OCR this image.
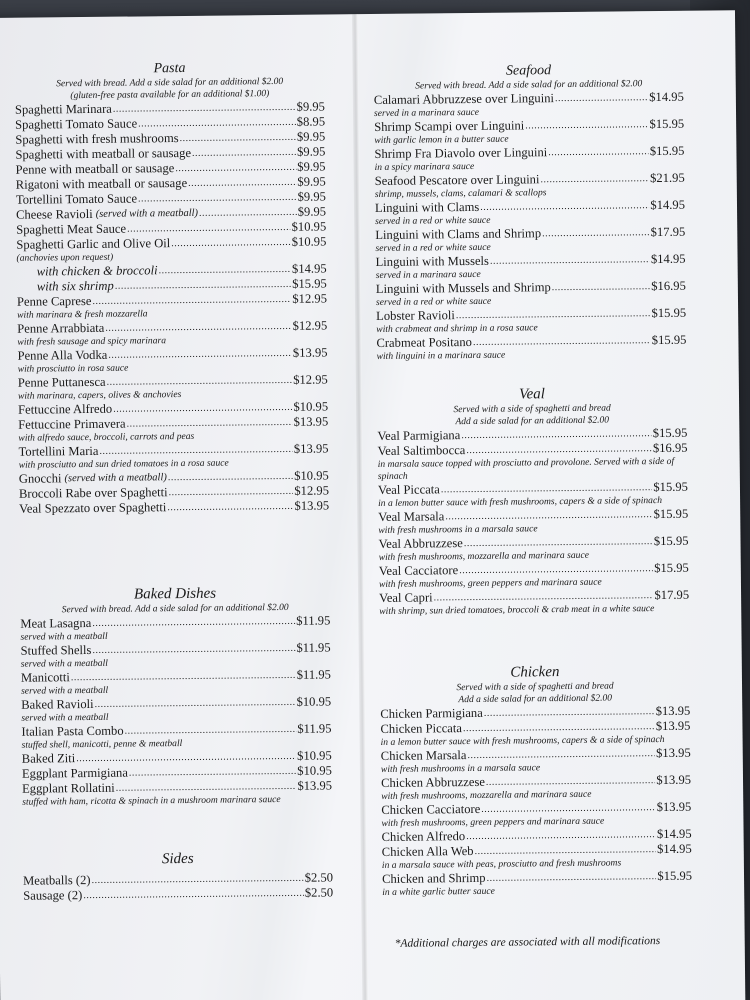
Pasta
Served with bread. Add a side salad for an additional $2.00
(gluten-free pasta available for an additional $1.00)
Spaghetti Marinara .....	$9.95
Spaghetti Tomato Sauce .....	$8.95
Spaghetti with fresh mushrooms .....	$9.95
Spaghetti with meatball or sausage .....	$9.95
Penne with meatball or sausage .....	$9.95
Rigatoni with meatball or sausage .....	$9.95
Tortellini Tomato Sauce .....	$9.95
Cheese Ravioli (served with a meatball) .....	$9.95
Spaghetti Meat Sauce .....	$10.95
Spaghetti Garlic and Olive Oil .....	$10.95
(anchovies upon request)
with chicken & broccoli .....	$14.95
with six shrimp .....	$15.95
Penne Caprese .....	$12.95
with marinara & fresh mozzarella
Penne Arrabbiata .....	$12.95
with fresh sausage and spicy marinara
Penne Alla Vodka .....	$13.95
with prosciutto in rosa sauce
Penne Puttanesca .....	$12.95
with marinara, capers, olives & anchovies
Fettuccine Alfredo .....	$10.95
Fettuccine Primavera .....	$13.95
with alfredo sauce, broccoli, carrots and peas
Tortellini Maria .....	$13.95
with prosciutto and sun dried tomatoes in a rosa sauce
Gnocchi (served with a meatball) .....	$10.95
Broccoli Rabe over Spaghetti .....	$12.95
Veal Spezzato over Spaghetti .....	$13.95
Baked Dishes
Served with bread. Add a side salad for an additional $2.00
Meat Lasagna .....	$11.95
served with a meatball
Stuffed Shells .....	$11.95
served with a meatball
Manicotti .....	$11.95
served with a meatball
Baked Ravioli .....	$10.95
served with a meatball
Italian Pasta Combo .....	$11.95
stuffed shell, manicotti, penne & meatball
Baked Ziti .....	$10.95
Eggplant Parmigiana .....	$10.95
Eggplant Rollatini .....	$13.95
stuffed with ham, ricotta & spinach in a mushroom marinara sauce
Sides
Meatballs (2) .....	$2.50
Sausage (2) .....	$2.50
Seafood
Served with bread. Add a side salad for an additional $2.00
Calamari Abbruzzese over Linguini .....	$14.95
served in a marinara sauce
Shrimp Scampi over Linguini .....	$15.95
with garlic lemon in a butter sauce
Shrimp Fra Diavolo over Linguini .....	$15.95
in a spicy marinara sauce
Seafood Pescatore over Linguini .....	$21.95
shrimp, mussels, clams, calamari & scallops
Linguini with Clams .....	$14.95
served in a red or white sauce
Linguini with Clams and Shrimp .....	$17.95
served in a red or white sauce
Linguini with Mussels .....	$14.95
served in a marinara sauce
Linguini with Mussels and Shrimp .....	$16.95
served in a red or white sauce
Lobster Ravioli .....	$15.95
with crabmeat and shrimp in a rosa sauce
Crabmeat Positano .....	$15.95
with linguini in a marinara sauce
Veal
Served with a side of spaghetti and bread
Add a side salad for an additional $2.00
Veal Parmigiana .....	$15.95
Veal Saltimbocca .....	$16.95
in marsala sauce topped with prosciutto and provolone. Served with a side of spinach
Veal Piccata .....	$15.95
in a lemon butter sauce with fresh mushrooms, capers & a side of spinach
Veal Marsala .....	$15.95
with fresh mushrooms in a marsala sauce
Veal Abbruzzese .....	$15.95
with fresh mushrooms, mozzarella and marinara sauce
Veal Cacciatore .....	$15.95
with fresh mushrooms, green peppers and marinara sauce
Veal Capri .....	$17.95
with shrimp, sun dried tomatoes, broccoli & crab meat in a white sauce
Chicken
Served with a side of spaghetti and bread
Add a side salad for an additional $2.00
Chicken Parmigiana .....	$13.95
Chicken Piccata .....	$13.95
in a lemon butter sauce with fresh mushrooms, capers & a side of spinach
Chicken Marsala .....	$13.95
with fresh mushrooms in a marsala sauce
Chicken Abbruzzese .....	$13.95
with fresh mushrooms, mozzarella and marinara sauce
Chicken Cacciatore .....	$13.95
with fresh mushrooms, green peppers and marinara sauce
Chicken Alfredo .....	$14.95
Chicken Alla Web .....	$14.95
in a marsala sauce with peas, prosciutto and fresh mushrooms
Chicken and Shrimp .....	$15.95
in a white garlic butter sauce
*Additional charges are associated with all modifications
